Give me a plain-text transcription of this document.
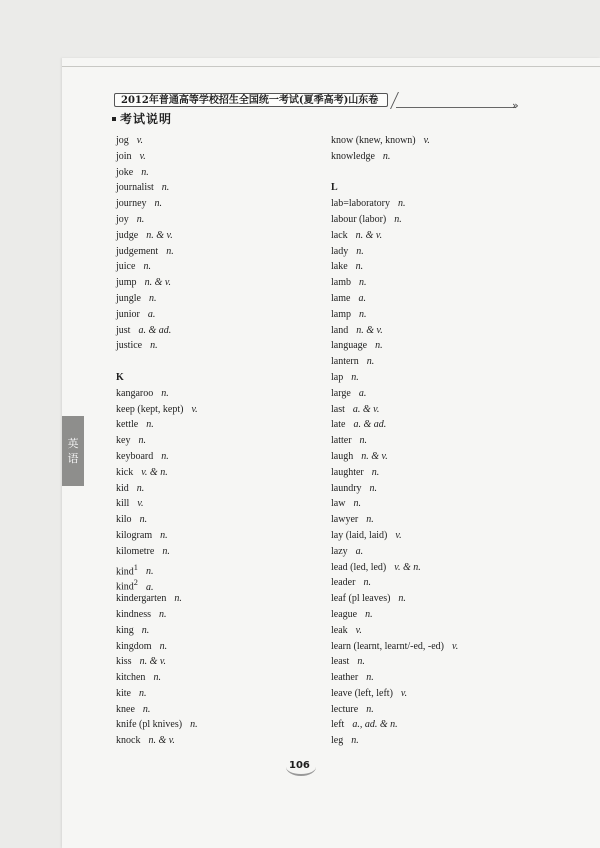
2012年普通高等学校招生全国统一考试(夏季高考)山东卷	»
考试说明
英
语

jog v.
join v.
joke n.
journalist n.
journey n.
joy n.
judge n. & v.
judgement n.
juice n.
jump n. & v.
jungle n.
junior a.
just a. & ad.
justice n.
K
kangaroo n.
keep (kept, kept) v.
kettle n.
key n.
keyboard n.
kick v. & n.
kid n.
kill v.
kilo n.
kilogram n.
kilometre n.
kind$^1$ n.
kind$^2$ a.
kindergarten n.
kindness n.
king n.
kingdom n.
kiss n. & v.
kitchen n.
kite n.
knee n.
knife (pl knives) n.
knock n. & v.
know (knew, known) v.
knowledge n.
L
lab=laboratory n.
labour (labor) n.
lack n. & v.
lady n.
lake n.
lamb n.
lame a.
lamp n.
land n. & v.
language n.
lantern n.
lap n.
large a.
last a. & v.
late a. & ad.
latter n.
laugh n. & v.
laughter n.
laundry n.
law n.
lawyer n.
lay (laid, laid) v.
lazy a.
lead (led, led) v. & n.
leader n.
leaf (pl leaves) n.
league n.
leak v.
learn (learnt, learnt/-ed, -ed) v.
least n.
leather n.
leave (left, left) v.
lecture n.
left a., ad. & n.
leg n.
106
